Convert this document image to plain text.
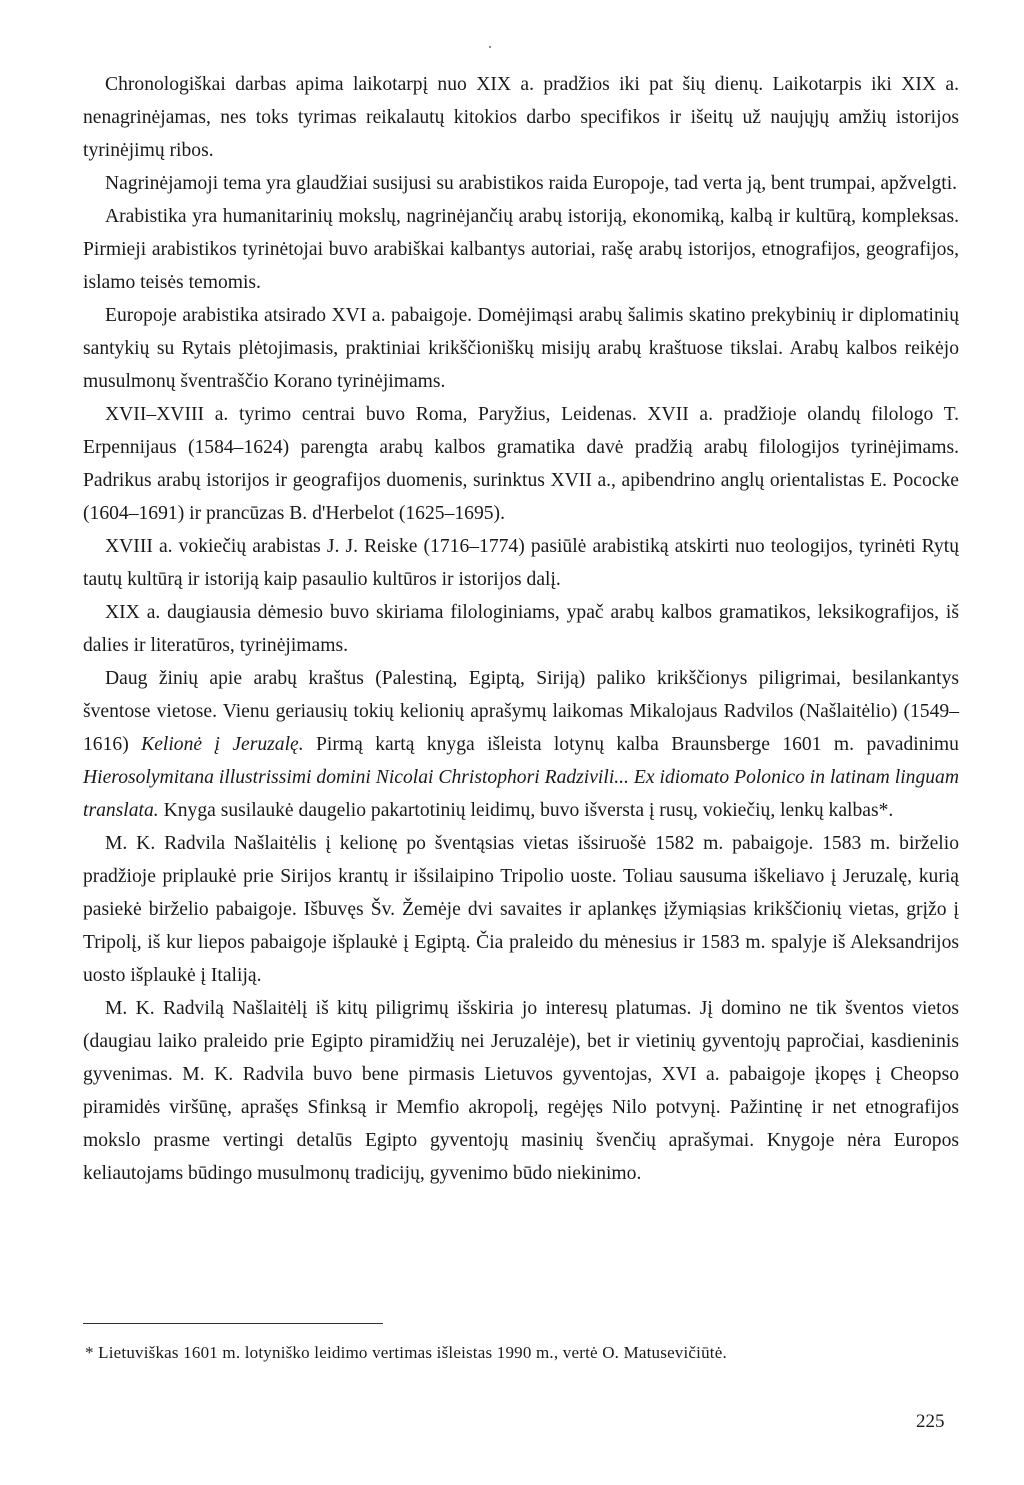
Chronologiškai darbas apima laikotarpį nuo XIX a. pradžios iki pat šių dienų. Laikotarpis iki XIX a. nenagrinėjamas, nes toks tyrimas reikalautų kitokios darbo specifikos ir išeitų už naujųjų amžių istorijos tyrinėjimų ribos.

Nagrinėjamoji tema yra glaudžiai susijusi su arabistikos raida Europoje, tad verta ją, bent trumpai, apžvelgti.

Arabistika yra humanitarinių mokslų, nagrinėjančių arabų istoriją, ekonomiką, kalbą ir kultūrą, kompleksas. Pirmieji arabistikos tyrinėtojai buvo arabiškai kalbantys autoriai, rašę arabų istorijos, etnografijos, geografijos, islamo teisės temomis.

Europoje arabistika atsirado XVI a. pabaigoje. Domėjimąsi arabų šalimis skatino prekybinių ir diplomatinių santykių su Rytais plėtojimasis, praktiniai krikščioniškų misijų arabų kraštuose tikslai. Arabų kalbos reikėjo musulmonų šventraščio Korano tyrinėjimams.

XVII–XVIII a. tyrimo centrai buvo Roma, Paryžius, Leidenas. XVII a. pradžioje olandų filologo T. Erpennijaus (1584–1624) parengta arabų kalbos gramatika davė pradžią arabų filologijos tyrinėjimams. Padrikus arabų istorijos ir geografijos duomenis, surinktus XVII a., apibendrino anglų orientalistas E. Pococke (1604–1691) ir prancūzas B. d'Herbelot (1625–1695).

XVIII a. vokiečių arabistas J. J. Reiske (1716–1774) pasiūlė arabistiką atskirti nuo teologijos, tyrinėti Rytų tautų kultūrą ir istoriją kaip pasaulio kultūros ir istorijos dalį.

XIX a. daugiausia dėmesio buvo skiriama filologiniams, ypač arabų kalbos gramatikos, leksikografijos, iš dalies ir literatūros, tyrinėjimams.

Daug žinių apie arabų kraštus (Palestiną, Egiptą, Siriją) paliko krikščionys piligrimai, besilankantys šventose vietose. Vienu geriausių tokių kelionių aprašymų laikomas Mikalojaus Radvilos (Našlaitėlio) (1549–1616) Kelionė į Jeruzalę. Pirmą kartą knyga išleista lotynų kalba Braunsberge 1601 m. pavadinimu Hierosolymitana illustrissimi domini Nicolai Christophori Radzivili... Ex idiomato Polonico in latinam linguam translata. Knyga susilaukė daugelio pakartotinių leidimų, buvo išversta į rusų, vokiečių, lenkų kalbas*.

M. K. Radvila Našlaitėlis į kelionę po šventąsias vietas išsiruošė 1582 m. pabaigoje. 1583 m. birželio pradžioje priplaukė prie Sirijos krantų ir išsilaipino Tripolio uoste. Toliau sausuma iškeliavo į Jeruzalę, kurią pasiekė birželio pabaigoje. Išbuvęs Šv. Žemėje dvi savaites ir aplankęs įžymiąsias krikščionių vietas, grįžo į Tripolį, iš kur liepos pabaigoje išplaukė į Egiptą. Čia praleido du mėnesius ir 1583 m. spalyje iš Aleksandrijos uosto išplaukė į Italiją.

M. K. Radvilą Našlaitėlį iš kitų piligrimų išskiria jo interesų platumas. Jį domino ne tik šventos vietos (daugiau laiko praleido prie Egipto piramidžių nei Jeruzalėje), bet ir vietinių gyventojų papročiai, kasdieninis gyvenimas. M. K. Radvila buvo bene pirmasis Lietuvos gyventojas, XVI a. pabaigoje įkopęs į Cheopso piramidės viršūnę, aprašęs Sfinksą ir Memfio akropolį, regėjęs Nilo potvynį. Pažintinę ir net etnografijos mokslo prasme vertingi detalūs Egipto gyventojų masinių švenčių aprašymai. Knygoje nėra Europos keliautojams būdingo musulmonų tradicijų, gyvenimo būdo niekinimo.

* Lietuviškas 1601 m. lotyniško leidimo vertimas išleistas 1990 m., vertė O. Matusevičiūtė.
225
